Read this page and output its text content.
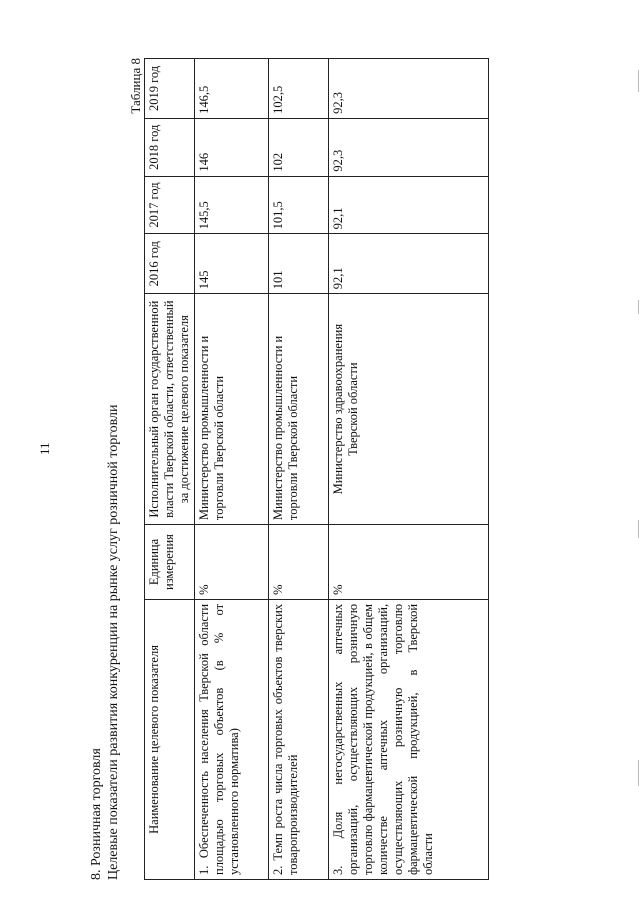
11
8. Розничная торговля Целевые показатели развития конкуренции на рынке услуг розничной торговли
Таблица 8
Наименование целевого показателя	Единица измерения	Исполнительный орган государственной власти Тверской области, ответственный за достижение целевого показателя	2016 год	2017 год	2018 год	2019 год
1. Обеспеченность населения Тверской области площадью торговых объектов (в % от установленного норматива)	%	Министерство промышленности и торговли Тверской области	145	145,5	146	146,5
2. Темп роста числа торговых объектов тверских товаропроизводителей	%	Министерство промышленности и торговли Тверской области	101	101,5	102	102,5
3. Доля негосударственных аптечных организаций, осуществляющих розничную торговлю фармацевтической продукцией, в общем количестве аптечных организаций, осуществляющих розничную торговлю фармацевтической продукцией, в Тверской области	%	Министерство здравоохранения Тверской области	92,1	92,1	92,3	92,3
